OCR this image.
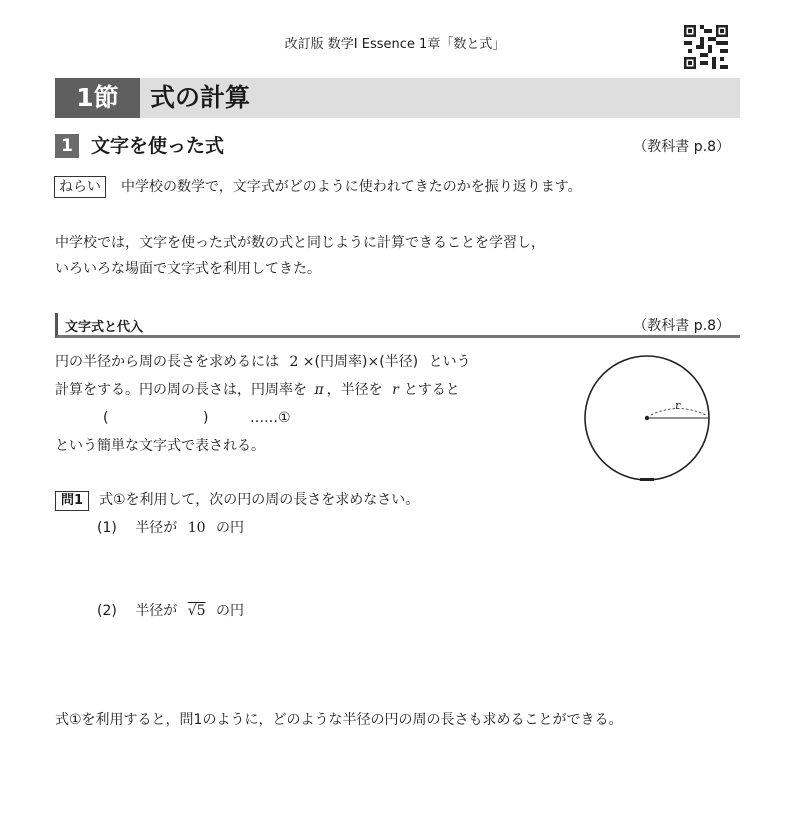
改訂版 数学Ⅰ Essence 1章「数と式」
1節	式の計算
1 文字を使った式	（教科書 p.8）
ねらい	中学校の数学で，文字式がどのように使われてきたのかを振り返ります。
中学校では，文字を使った式が数の式と同じように計算できることを学習し，
いろいろな場面で文字式を利用してきた。
文字式と代入	（教科書 p.8）
円の半径から周の長さを求めるには 2 ×(円周率)×(半径) という
計算をする。円の周の長さは，円周率を π ，半径を r とすると
(	)	……①
という簡単な文字式で表される。
r
問1	式①を利用して，次の円の周の長さを求めなさい。
(1) 半径が 10 の円
(2) 半径が √5 の円
式①を利用すると，問1のように，どのような半径の円の周の長さも求めることができる。
